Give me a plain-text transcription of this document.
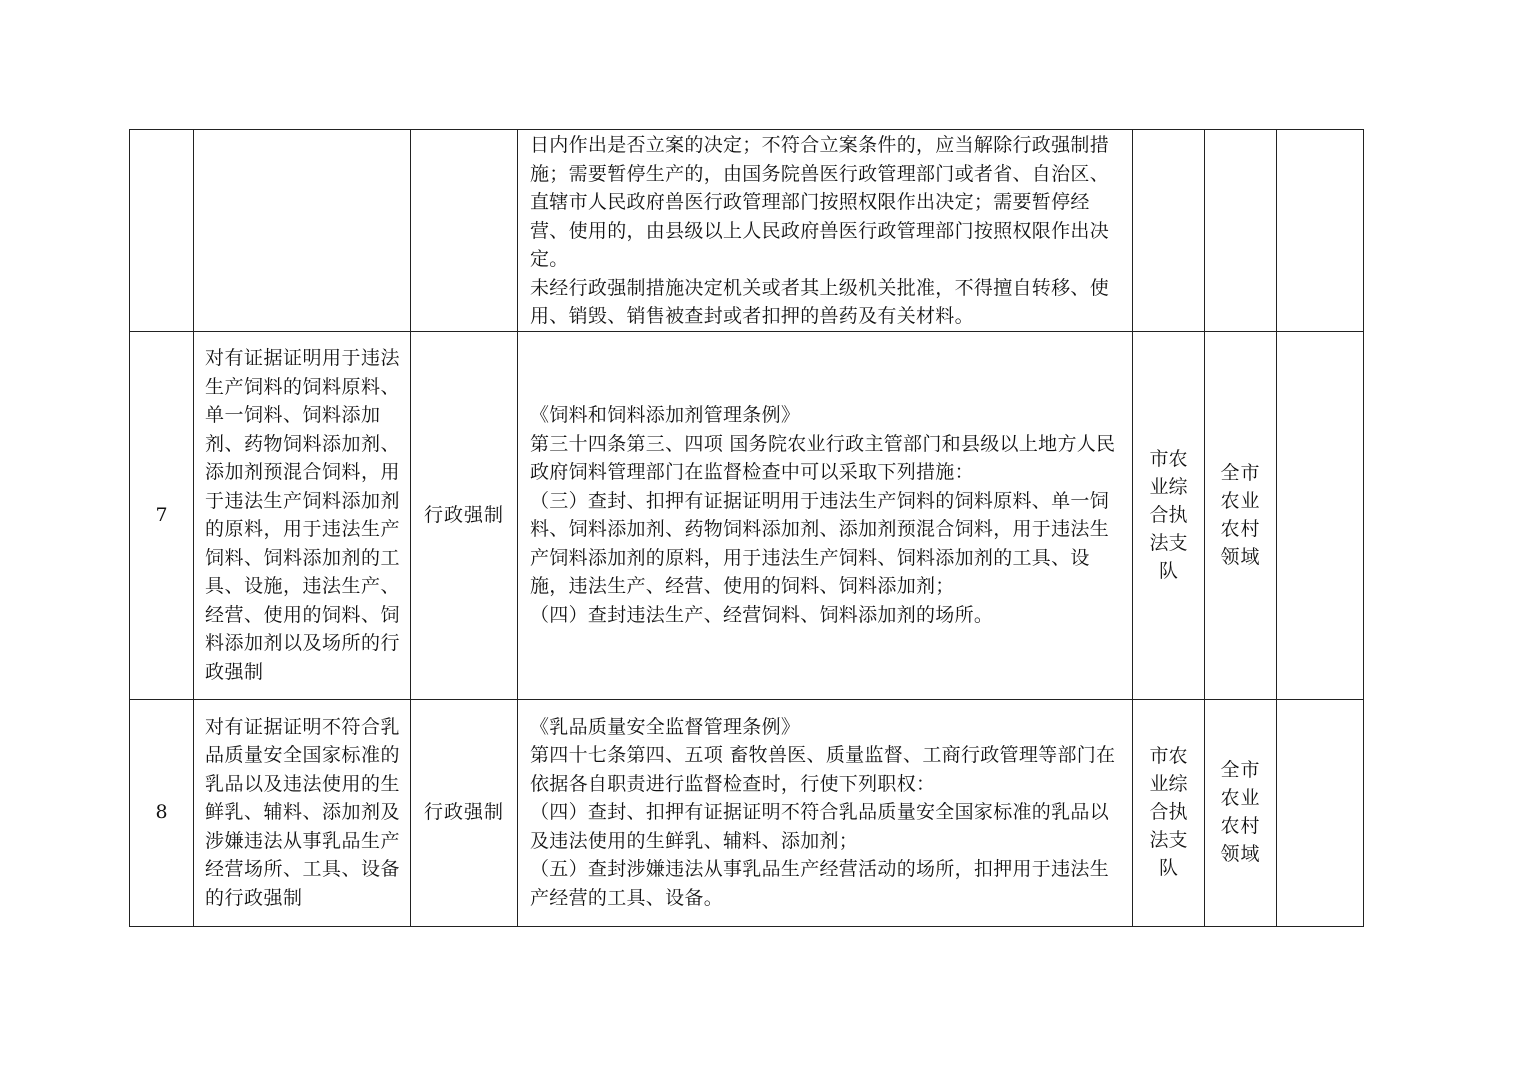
			日内作出是否立案的决定；不符合立案条件的，应当解除行政强制措施；需要暂停生产的，由国务院兽医行政管理部门或者省、自治区、直辖市人民政府兽医行政管理部门按照权限作出决定；需要暂停经营、使用的，由县级以上人民政府兽医行政管理部门按照权限作出决定。
未经行政强制措施决定机关或者其上级机关批准，不得擅自转移、使用、销毁、销售被查封或者扣押的兽药及有关材料。			

7	对有证据证明用于违法生产饲料的饲料原料、单一饲料、饲料添加剂、药物饲料添加剂、添加剂预混合饲料，用于违法生产饲料添加剂的原料，用于违法生产饲料、饲料添加剂的工具、设施，违法生产、经营、使用的饲料、饲料添加剂以及场所的行政强制	行政强制	《饲料和饲料添加剂管理条例》
第三十四条第三、四项 国务院农业行政主管部门和县级以上地方人民政府饲料管理部门在监督检查中可以采取下列措施：
（三）查封、扣押有证据证明用于违法生产饲料的饲料原料、单一饲料、饲料添加剂、药物饲料添加剂、添加剂预混合饲料，用于违法生产饲料添加剂的原料，用于违法生产饲料、饲料添加剂的工具、设施，违法生产、经营、使用的饲料、饲料添加剂；
（四）查封违法生产、经营饲料、饲料添加剂的场所。	市农业综合执法支队	全市农业农村领域	
8	对有证据证明不符合乳品质量安全国家标准的乳品以及违法使用的生鲜乳、辅料、添加剂及涉嫌违法从事乳品生产经营场所、工具、设备的行政强制	行政强制	《乳品质量安全监督管理条例》
第四十七条第四、五项 畜牧兽医、质量监督、工商行政管理等部门在依据各自职责进行监督检查时，行使下列职权：
（四）查封、扣押有证据证明不符合乳品质量安全国家标准的乳品以及违法使用的生鲜乳、辅料、添加剂；
（五）查封涉嫌违法从事乳品生产经营活动的场所，扣押用于违法生产经营的工具、设备。	市农业综合执法支队	全市农业农村领域	
